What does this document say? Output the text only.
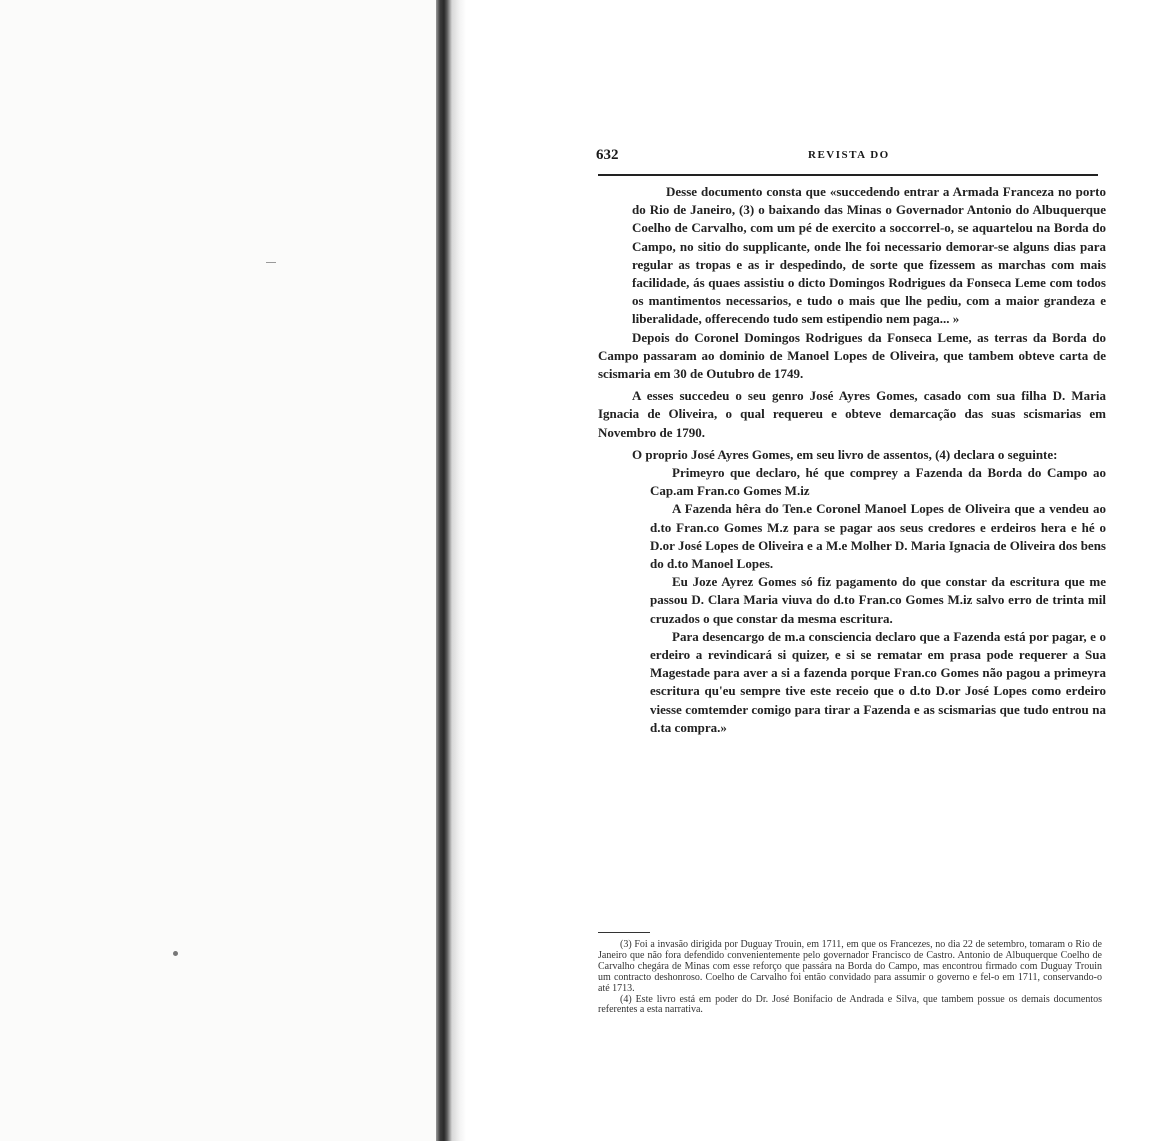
632	REVISTA DO

Desse documento consta que «succedendo entrar a Armada Franceza no porto do Rio de Janeiro, (3) o baixando das Minas o Governador Antonio do Albuquerque Coelho de Carvalho, com um pé de exercito a soccorrel-o, se aquartelou na Borda do Campo, no sitio do supplicante, onde lhe foi necessario demorar-se alguns dias para regular as tropas e as ir despedindo, de sorte que fizessem as marchas com mais facilidade, ás quaes assistiu o dicto Domingos Rodrigues da Fonseca Leme com todos os mantimentos necessarios, e tudo o mais que lhe pediu, com a maior grandeza e liberalidade, offerecendo tudo sem estipendio nem paga... »

Depois do Coronel Domingos Rodrigues da Fonseca Leme, as terras da Borda do Campo passaram ao dominio de Manoel Lopes de Oliveira, que tambem obteve carta de scismaria em 30 de Outubro de 1749.

A esses succedeu o seu genro José Ayres Gomes, casado com sua filha D. Maria Ignacia de Oliveira, o qual requereu e obteve demarcação das suas scismarias em Novembro de 1790.

O proprio José Ayres Gomes, em seu livro de assentos, (4) declara o seguinte:

Primeyro que declaro, hé que comprey a Fazenda da Borda do Campo ao Cap.am Fran.co Gomes M.iz

A Fazenda hêra do Ten.e Coronel Manoel Lopes de Oliveira que a vendeu ao d.to Fran.co Gomes M.z para se pagar aos seus credores e erdeiros hera e hé o D.or José Lopes de Oliveira e a M.e Molher D. Maria Ignacia de Oliveira dos bens do d.to Manoel Lopes.

Eu Joze Ayrez Gomes só fiz pagamento do que constar da escritura que me passou D. Clara Maria viuva do d.to Fran.co Gomes M.iz salvo erro de trinta mil cruzados o que constar da mesma escritura.

Para desencargo de m.a consciencia declaro que a Fazenda está por pagar, e o erdeiro a revindicará si quizer, e si se rematar em prasa pode requerer a Sua Magestade para aver a si a fazenda porque Fran.co Gomes não pagou a primeyra escritura qu'eu sempre tive este receio que o d.to D.or José Lopes como erdeiro viesse comtemder comigo para tirar a Fazenda e as scismarias que tudo entrou na d.ta compra.»

(3) Foi a invasão dirigida por Duguay Trouin, em 1711, em que os Francezes, no dia 22 de setembro, tomaram o Rio de Janeiro que não fora defendido convenientemente pelo governador Francisco de Castro. Antonio de Albuquerque Coelho de Carvalho chegára de Minas com esse reforço que passára na Borda do Campo, mas encontrou firmado com Duguay Trouin um contracto deshonroso. Coelho de Carvalho foi então convidado para assumir o governo e fel-o em 1711, conservando-o até 1713.

(4) Este livro está em poder do Dr. José Bonifacio de Andrada e Silva, que tambem possue os demais documentos referentes a esta narrativa.
